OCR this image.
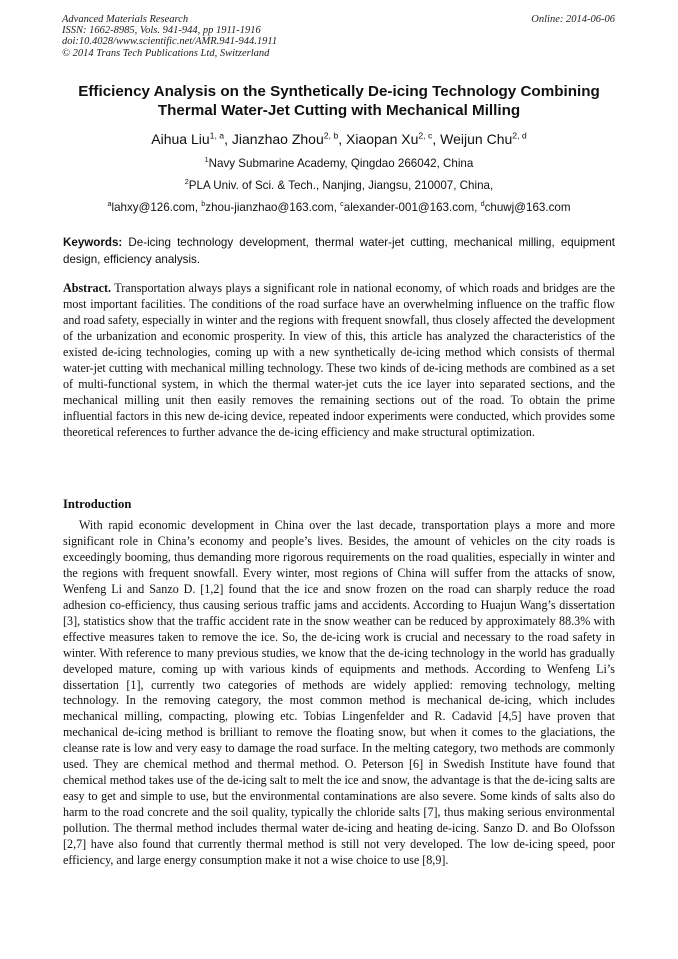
Advanced Materials Research
ISSN: 1662-8985, Vols. 941-944, pp 1911-1916
doi:10.4028/www.scientific.net/AMR.941-944.1911
© 2014 Trans Tech Publications Ltd, Switzerland
Online: 2014-06-06
Efficiency Analysis on the Synthetically De-icing Technology Combining
Thermal Water-Jet Cutting with Mechanical Milling
Aihua Liu$^{1, a}$, Jianzhao Zhou$^{2, b}$, Xiaopan Xu$^{2, c}$, Weijun Chu$^{2, d}$
$^1$Navy Submarine Academy, Qingdao 266042, China
$^2$PLA Univ. of Sci. & Tech., Nanjing, Jiangsu, 210007, China,
$^a$lahxy@126.com, $^b$zhou-jianzhao@163.com, $^c$alexander-001@163.com, $^d$chuwj@163.com
Keywords: De-icing technology development, thermal water-jet cutting, mechanical milling, equipment design, efficiency analysis.
Abstract. Transportation always plays a significant role in national economy, of which roads and bridges are the most important facilities. The conditions of the road surface have an overwhelming influence on the traffic flow and road safety, especially in winter and the regions with frequent snowfall, thus closely affected the development of the urbanization and economic prosperity. In view of this, this article has analyzed the characteristics of the existed de-icing technologies, coming up with a new synthetically de-icing method which consists of thermal water-jet cutting with mechanical milling technology. These two kinds of de-icing methods are combined as a set of multi-functional system, in which the thermal water-jet cuts the ice layer into separated sections, and the mechanical milling unit then easily removes the remaining sections out of the road. To obtain the prime influential factors in this new de-icing device, repeated indoor experiments were conducted, which provides some theoretical references to further advance the de-icing efficiency and make structural optimization.
Introduction

With rapid economic development in China over the last decade, transportation plays a more and more significant role in China’s economy and people’s lives. Besides, the amount of vehicles on the city roads is exceedingly booming, thus demanding more rigorous requirements on the road qualities, especially in winter and the regions with frequent snowfall. Every winter, most regions of China will suffer from the attacks of snow, Wenfeng Li and Sanzo D. [1,2] found that the ice and snow frozen on the road can sharply reduce the road adhesion co-efficiency, thus causing serious traffic jams and accidents. According to Huajun Wang’s dissertation [3], statistics show that the traffic accident rate in the snow weather can be reduced by approximately 88.3% with effective measures taken to remove the ice. So, the de-icing work is crucial and necessary to the road safety in winter. With reference to many previous studies, we know that the de-icing technology in the world has gradually developed mature, coming up with various kinds of equipments and methods. According to Wenfeng Li’s dissertation [1], currently two categories of methods are widely applied: removing technology, melting technology. In the removing category, the most common method is mechanical de-icing, which includes mechanical milling, compacting, plowing etc. Tobias Lingenfelder and R. Cadavid [4,5] have proven that mechanical de-icing method is brilliant to remove the floating snow, but when it comes to the glaciations, the cleanse rate is low and very easy to damage the road surface. In the melting category, two methods are commonly used. They are chemical method and thermal method. O. Peterson [6] in Swedish Institute have found that chemical method takes use of the de-icing salt to melt the ice and snow, the advantage is that the de-icing salts are easy to get and simple to use, but the environmental contaminations are also severe. Some kinds of salts also do harm to the road concrete and the soil quality, typically the chloride salts [7], thus making serious environmental pollution. The thermal method includes thermal water de-icing and heating de-icing. Sanzo D. and Bo Olofsson [2,7] have also found that currently thermal method is still not very developed. The low de-icing speed, poor efficiency, and large energy consumption make it not a wise choice to use [8,9].
